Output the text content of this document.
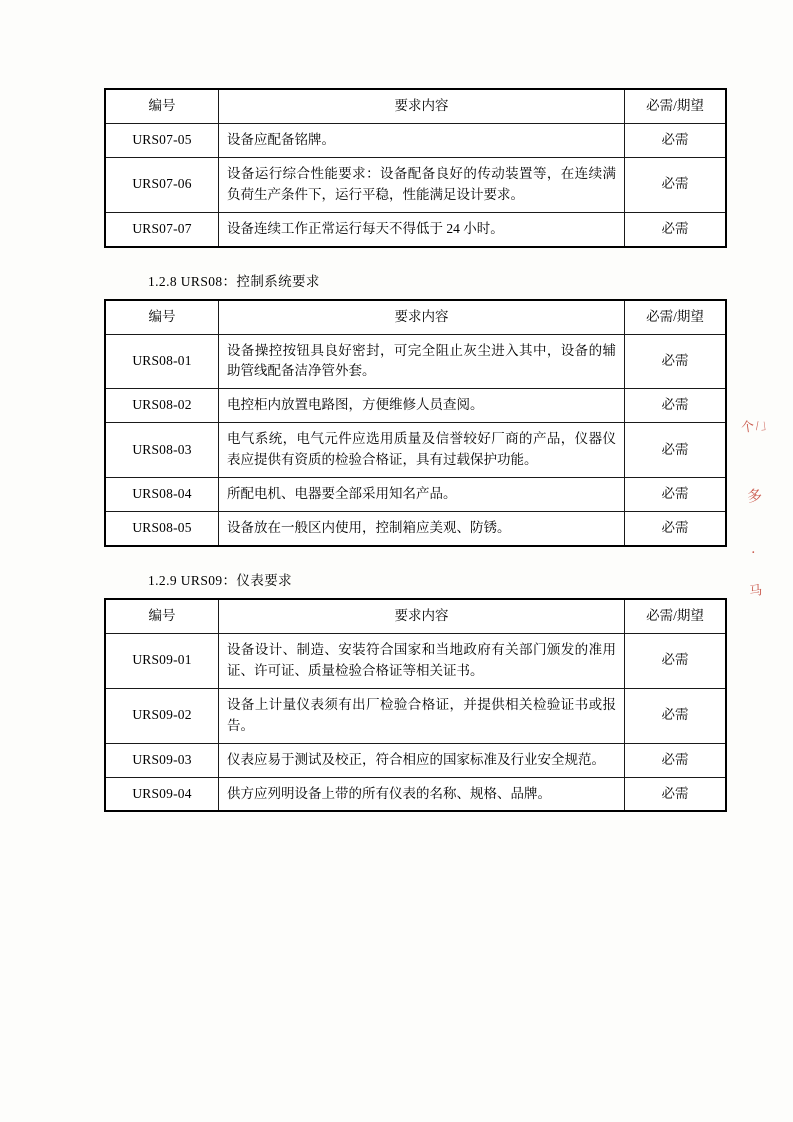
编号	要求内容	必需/期望
URS07-05	设备应配备铭牌。	必需
URS07-06	设备运行综合性能要求：设备配备良好的传动装置等，在连续满负荷生产条件下，运行平稳，性能满足设计要求。	必需
URS07-07	设备连续工作正常运行每天不得低于 24 小时。	必需
1.2.8 URS08：控制系统要求
编号	要求内容	必需/期望
URS08-01	设备操控按钮具良好密封，可完全阻止灰尘进入其中，设备的辅助管线配备洁净管外套。	必需
URS08-02	电控柜内放置电路图，方便维修人员查阅。	必需
URS08-03	电气系统，电气元件应选用质量及信誉较好厂商的产品，仪器仪表应提供有资质的检验合格证，具有过载保护功能。	必需
URS08-04	所配电机、电器要全部采用知名产品。	必需
URS08-05	设备放在一般区内使用，控制箱应美观、防锈。	必需
1.2.9 URS09：仪表要求
编号	要求内容	必需/期望
URS09-01	设备设计、制造、安装符合国家和当地政府有关部门颁发的准用证、许可证、质量检验合格证等相关证书。	必需
URS09-02	设备上计量仪表须有出厂检验合格证，并提供相关检验证书或报告。	必需
URS09-03	仪表应易于测试及校正，符合相应的国家标准及行业安全规范。	必需
URS09-04	供方应列明设备上带的所有仪表的名称、规格、品牌。	必需
个 / 」
多
·
马
